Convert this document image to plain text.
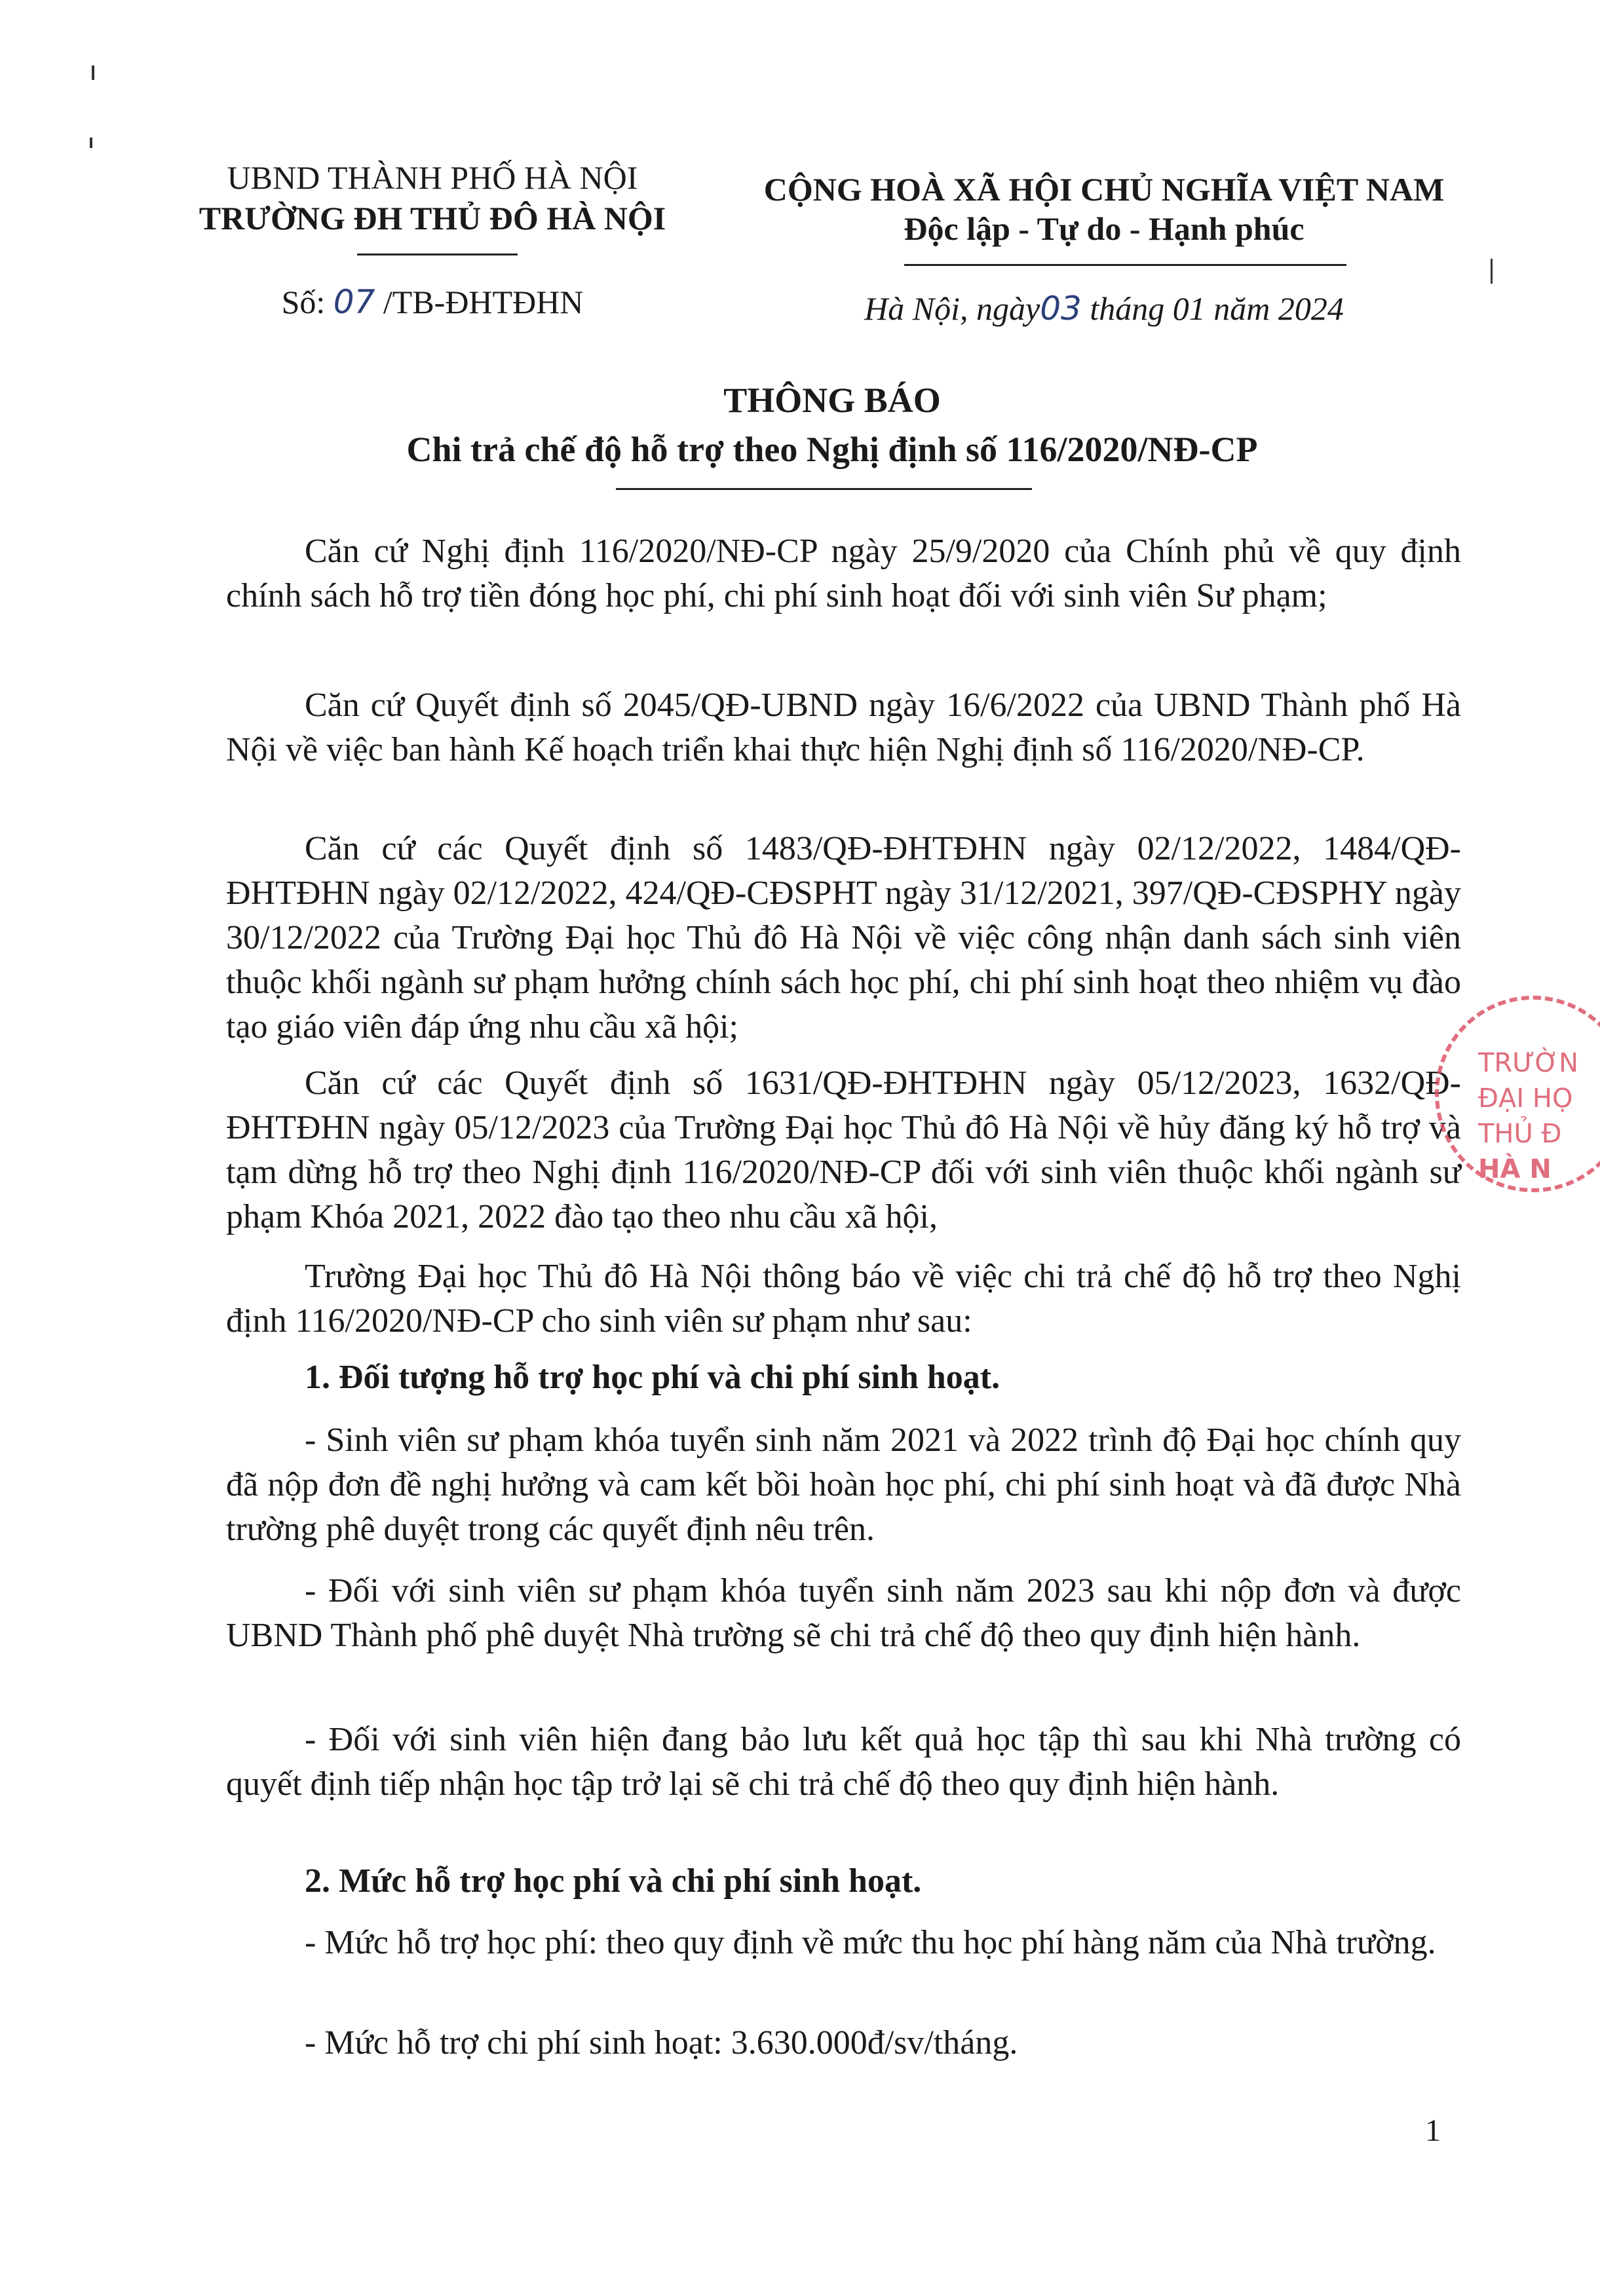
UBND THÀNH PHỐ HÀ NỘI
TRƯỜNG ĐH THỦ ĐÔ HÀ NỘI
Số: 07 /TB-ĐHTĐHN
CỘNG HOÀ XÃ HỘI CHỦ NGHĨA VIỆT NAM
Độc lập - Tự do - Hạnh phúc
Hà Nội, ngày03 tháng 01 năm 2024
THÔNG BÁO
Chi trả chế độ hỗ trợ theo Nghị định số 116/2020/NĐ-CP
Căn cứ Nghị định 116/2020/NĐ-CP ngày 25/9/2020 của Chính phủ về quy định chính sách hỗ trợ tiền đóng học phí, chi phí sinh hoạt đối với sinh viên Sư phạm;
Căn cứ Quyết định số 2045/QĐ-UBND ngày 16/6/2022 của UBND Thành phố Hà Nội về việc ban hành Kế hoạch triển khai thực hiện Nghị định số 116/2020/NĐ-CP.
Căn cứ các Quyết định số 1483/QĐ-ĐHTĐHN ngày 02/12/2022, 1484/QĐ-ĐHTĐHN ngày 02/12/2022, 424/QĐ-CĐSPHT ngày 31/12/2021, 397/QĐ-CĐSPHY ngày 30/12/2022 của Trường Đại học Thủ đô Hà Nội về việc công nhận danh sách sinh viên thuộc khối ngành sư phạm hưởng chính sách học phí, chi phí sinh hoạt theo nhiệm vụ đào tạo giáo viên đáp ứng nhu cầu xã hội;
Căn cứ các Quyết định số 1631/QĐ-ĐHTĐHN ngày 05/12/2023, 1632/QĐ-ĐHTĐHN ngày 05/12/2023 của Trường Đại học Thủ đô Hà Nội về hủy đăng ký hỗ trợ và tạm dừng hỗ trợ theo Nghị định 116/2020/NĐ-CP đối với sinh viên thuộc khối ngành sư phạm Khóa 2021, 2022 đào tạo theo nhu cầu xã hội,
Trường Đại học Thủ đô Hà Nội thông báo về việc chi trả chế độ hỗ trợ theo Nghị định 116/2020/NĐ-CP cho sinh viên sư phạm như sau:
1. Đối tượng hỗ trợ học phí và chi phí sinh hoạt.
- Sinh viên sư phạm khóa tuyển sinh năm 2021 và 2022 trình độ Đại học chính quy đã nộp đơn đề nghị hưởng và cam kết bồi hoàn học phí, chi phí sinh hoạt và đã được Nhà trường phê duyệt trong các quyết định nêu trên.
- Đối với sinh viên sư phạm khóa tuyển sinh năm 2023 sau khi nộp đơn và được UBND Thành phố phê duyệt Nhà trường sẽ chi trả chế độ theo quy định hiện hành.
- Đối với sinh viên hiện đang bảo lưu kết quả học tập thì sau khi Nhà trường có quyết định tiếp nhận học tập trở lại sẽ chi trả chế độ theo quy định hiện hành.
2. Mức hỗ trợ học phí và chi phí sinh hoạt.
- Mức hỗ trợ học phí: theo quy định về mức thu học phí hàng năm của Nhà trường.
- Mức hỗ trợ chi phí sinh hoạt: 3.630.000đ/sv/tháng.
TRƯỜN
ĐẠI HỌ
THỦ Đ
HÀ N
1
